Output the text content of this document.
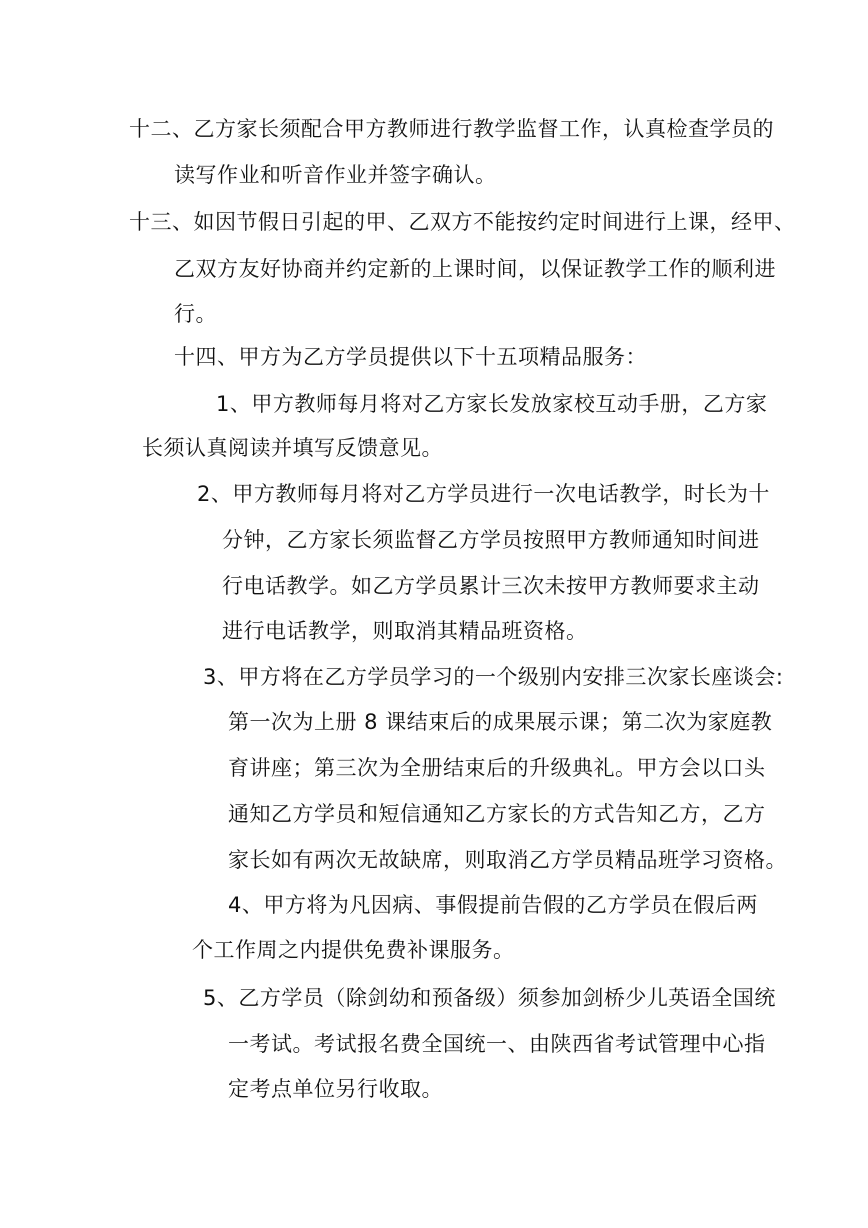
十二、乙方家长须配合甲方教师进行教学监督工作，认真检查学员的
读写作业和听音作业并签字确认。
十三、如因节假日引起的甲、乙双方不能按约定时间进行上课，经甲、
乙双方友好协商并约定新的上课时间，以保证教学工作的顺利进
行。
十四、甲方为乙方学员提供以下十五项精品服务：
1、甲方教师每月将对乙方家长发放家校互动手册，乙方家
长须认真阅读并填写反馈意见。
2、甲方教师每月将对乙方学员进行一次电话教学，时长为十
分钟，乙方家长须监督乙方学员按照甲方教师通知时间进
行电话教学。如乙方学员累计三次未按甲方教师要求主动
进行电话教学，则取消其精品班资格。
3、甲方将在乙方学员学习的一个级别内安排三次家长座谈会:
第一次为上册 8 课结束后的成果展示课；第二次为家庭教
育讲座；第三次为全册结束后的升级典礼。甲方会以口头
通知乙方学员和短信通知乙方家长的方式告知乙方，乙方
家长如有两次无故缺席，则取消乙方学员精品班学习资格。
4、甲方将为凡因病、事假提前告假的乙方学员在假后两
个工作周之内提供免费补课服务。
5、乙方学员（除剑幼和预备级）须参加剑桥少儿英语全国统
一考试。考试报名费全国统一、由陕西省考试管理中心指
定考点单位另行收取。
